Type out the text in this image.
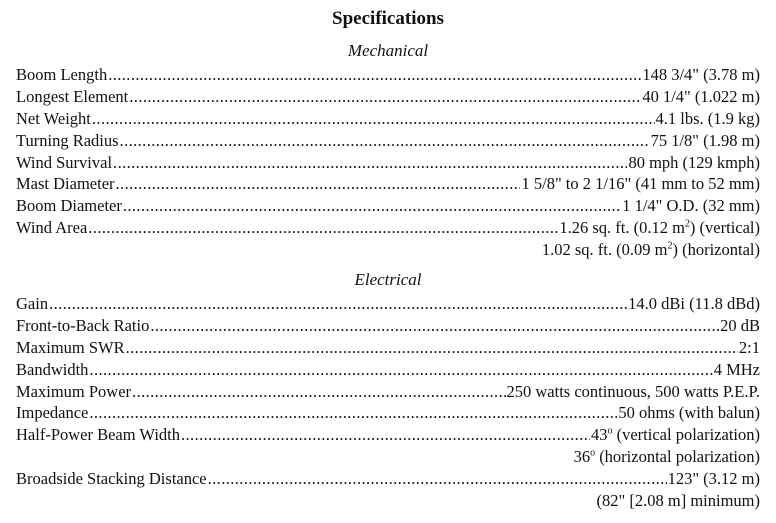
Specifications
Mechanical
Boom Length .....	148 3/4" (3.78 m)
Longest Element .....	40 1/4" (1.022 m)
Net Weight .....	4.1 lbs. (1.9 kg)
Turning Radius .....	75 1/8" (1.98 m)
Wind Survival .....	80 mph (129 kmph)
Mast Diameter .....	1 5/8" to 2 1/16" (41 mm to 52 mm)
Boom Diameter .....	1 1/4" O.D. (32 mm)
Wind Area .....	1.26 sq. ft. (0.12 $m^2$) (vertical)
1.02 sq. ft. (0.09 $m^2$) (horizontal)
Electrical
Gain .....	14.0 dBi (11.8 dBd)
Front-to-Back Ratio .....	20 dB
Maximum SWR .....	2:1
Bandwidth .....	4 MHz
Maximum Power .....	250 watts continuous, 500 watts P.E.P.
Impedance .....	50 ohms (with balun)
Half-Power Beam Width .....	43$^o$ (vertical polarization)
36$^o$ (horizontal polarization)
Broadside Stacking Distance .....	123" (3.12 m)
(82" [2.08 m] minimum)
